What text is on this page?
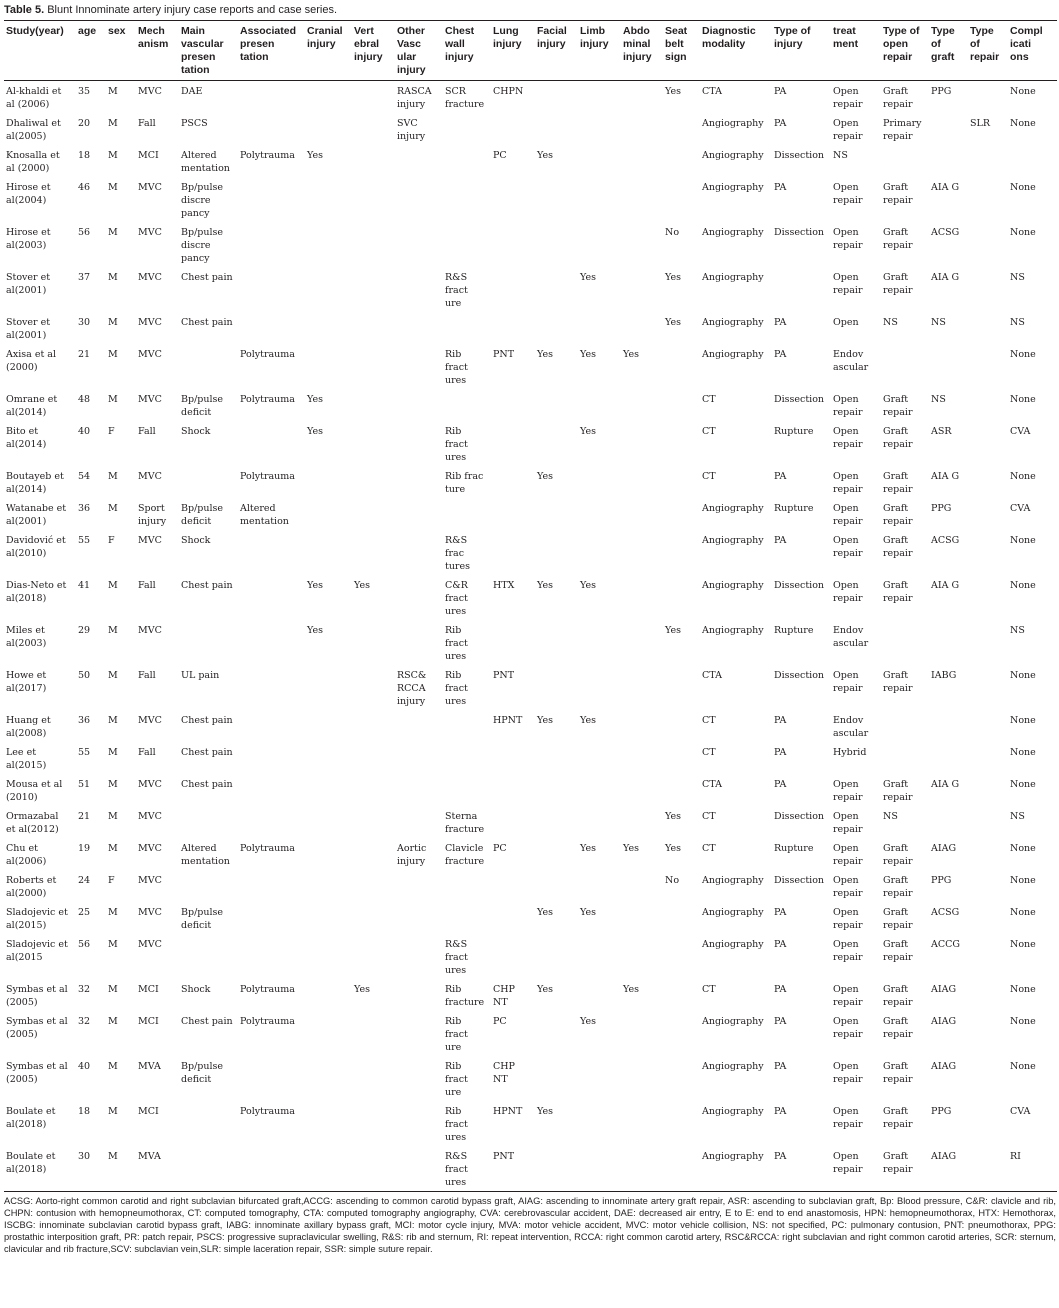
Table 5. Blunt Innominate artery injury case reports and case series.
Study(year)	age	sex	Mech
anism	Main
vascular
presen
tation	Associated
presen
tation	Cranial
injury	Vert
ebral
injury	Other
Vasc
ular
injury	Chest
wall
injury	Lung
injury	Facial
injury	Limb
injury	Abdo
minal
injury	Seat
belt
sign	Diagnostic
modality	Type of
injury	treat
ment	Type of
open
repair	Type
of
graft	Type
of
repair	Compl
icati
ons
Al-khaldi et
al (2006)	35	M	MVC	DAE				RASCA
injury	SCR
fracture	CHPN				Yes	CTA	PA	Open
repair	Graft
repair	PPG		None
Dhaliwal et
al(2005)	20	M	Fall	PSCS				SVC
injury							Angiography	PA	Open
repair	Primary
repair		SLR	None
Knosalla et
al (2000)	18	M	MCI	Altered
mentation	Polytrauma	Yes				PC	Yes				Angiography	Dissection	NS				
Hirose et
al(2004)	46	M	MVC	Bp/pulse
discre
pancy											Angiography	PA	Open
repair	Graft
repair	AIA G		None
Hirose et
al(2003)	56	M	MVC	Bp/pulse
discre
pancy										No	Angiography	Dissection	Open
repair	Graft
repair	ACSG		None
Stover et
al(2001)	37	M	MVC	Chest pain					R&S
fract
ure			Yes		Yes	Angiography		Open
repair	Graft
repair	AIA G		NS
Stover et
al(2001)	30	M	MVC	Chest pain										Yes	Angiography	PA	Open	NS	NS		NS
Axisa et al
(2000)	21	M	MVC		Polytrauma				Rib
fract
ures	PNT	Yes	Yes	Yes		Angiography	PA	Endov
ascular				None
Omrane et
al(2014)	48	M	MVC	Bp/pulse
deficit	Polytrauma	Yes									CT	Dissection	Open
repair	Graft
repair	NS		None
Bito et
al(2014)	40	F	Fall	Shock		Yes			Rib
fract
ures			Yes			CT	Rupture	Open
repair	Graft
repair	ASR		CVA
Boutayeb et
al(2014)	54	M	MVC		Polytrauma				Rib frac
ture		Yes				CT	PA	Open
repair	Graft
repair	AIA G		None
Watanabe et
al(2001)	36	M	Sport
injury	Bp/pulse
deficit	Altered
mentation										Angiography	Rupture	Open
repair	Graft
repair	PPG		CVA
Davidović et
al(2010)	55	F	MVC	Shock					R&S
frac
tures						Angiography	PA	Open
repair	Graft
repair	ACSG		None
Dias-Neto et
al(2018)	41	M	Fall	Chest pain		Yes	Yes		C&R
fract
ures	HTX	Yes	Yes			Angiography	Dissection	Open
repair	Graft
repair	AIA G		None
Miles et
al(2003)	29	M	MVC			Yes			Rib
fract
ures					Yes	Angiography	Rupture	Endov
ascular				NS
Howe et
al(2017)	50	M	Fall	UL pain				RSC&
RCCA
injury	Rib
fract
ures	PNT					CTA	Dissection	Open
repair	Graft
repair	IABG		None
Huang et
al(2008)	36	M	MVC	Chest pain						HPNT	Yes	Yes			CT	PA	Endov
ascular				None
Lee et
al(2015)	55	M	Fall	Chest pain											CT	PA	Hybrid				None
Mousa et al
(2010)	51	M	MVC	Chest pain											CTA	PA	Open
repair	Graft
repair	AIA G		None
Ormazabal
et al(2012)	21	M	MVC						Sterna
fracture					Yes	CT	Dissection	Open
repair	NS			NS
Chu et
al(2006)	19	M	MVC	Altered
mentation	Polytrauma			Aortic
injury	Clavicle
fracture	PC		Yes	Yes	Yes	CT	Rupture	Open
repair	Graft
repair	AIAG		None
Roberts et
al(2000)	24	F	MVC											No	Angiography	Dissection	Open
repair	Graft
repair	PPG		None
Sladojevic et
al(2015)	25	M	MVC	Bp/pulse
deficit							Yes	Yes			Angiography	PA	Open
repair	Graft
repair	ACSG		None
Sladojevic et
al(2015	56	M	MVC						R&S
fract
ures						Angiography	PA	Open
repair	Graft
repair	ACCG		None
Symbas et al
(2005)	32	M	MCI	Shock	Polytrauma		Yes		Rib
fracture	CHP
NT	Yes		Yes		CT	PA	Open
repair	Graft
repair	AIAG		None
Symbas et al
(2005)	32	M	MCI	Chest pain	Polytrauma				Rib
fract
ure	PC		Yes			Angiography	PA	Open
repair	Graft
repair	AIAG		None
Symbas et al
(2005)	40	M	MVA	Bp/pulse
deficit					Rib
fract
ure	CHP
NT					Angiography	PA	Open
repair	Graft
repair	AIAG		None
Boulate et
al(2018)	18	M	MCI		Polytrauma				Rib
fract
ures	HPNT	Yes				Angiography	PA	Open
repair	Graft
repair	PPG		CVA
Boulate et
al(2018)	30	M	MVA						R&S
fract
ures	PNT					Angiography	PA	Open
repair	Graft
repair	AIAG		RI
ACSG: Aorto-right common carotid and right subclavian bifurcated graft,ACCG: ascending to common carotid bypass graft, AIAG: ascending to innominate artery graft repair, ASR: ascending to subclavian graft, Bp: Blood pressure, C&R: clavicle and rib, CHPN: contusion with hemopneumothorax, CT: computed tomography, CTA: computed tomography angiography, CVA: cerebrovascular accident, DAE: decreased air entry, E to E: end to end anastomosis, HPN: hemopneumothorax, HTX: Hemothorax, ISCBG: innominate subclavian carotid bypass graft, IABG: innominate axillary bypass graft, MCI: motor cycle injury, MVA: motor vehicle accident, MVC: motor vehicle collision, NS: not specified, PC: pulmonary contusion, PNT: pneumothorax, PPG: prostathic interposition graft, PR: patch repair, PSCS: progressive supraclavicular swelling, R&S: rib and sternum, RI: repeat intervention, RCCA: right common carotid artery, RSC&RCCA: right subclavian and right common carotid arteries, SCR: sternum, clavicular and rib fracture,SCV: subclavian vein,SLR: simple laceration repair, SSR: simple suture repair.
